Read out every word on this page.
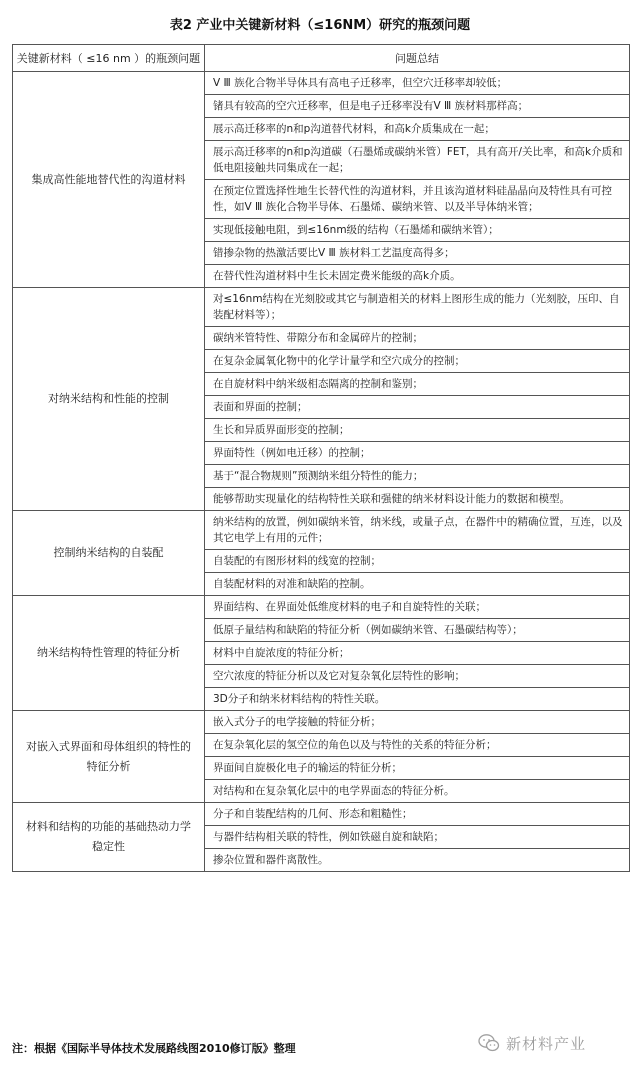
表2 产业中关键新材料（≤16NM）研究的瓶颈问题
关键新材料（ ≤16 nm ）的瓶颈问题	问题总结
集成高性能地替代性的沟道材料	Ⅴ Ⅲ 族化合物半导体具有高电子迁移率，但空穴迁移率却较低；
	锗具有较高的空穴迁移率，但是电子迁移率没有Ⅴ Ⅲ 族材料那样高；
	展示高迁移率的n和p沟道替代材料，和高k介质集成在一起；
	展示高迁移率的n和p沟道碳（石墨烯或碳纳米管）FET，具有高开/关比率，和高k介质和低电阻接触共同集成在一起；
	在预定位置选择性地生长替代性的沟道材料，并且该沟道材料硅晶晶向及特性具有可控性，如Ⅴ Ⅲ 族化合物半导体、石墨烯、碳纳米管、以及半导体纳米管；
	实现低接触电阻，到≤16nm级的结构（石墨烯和碳纳米管）；
	错掺杂物的热激活要比Ⅴ Ⅲ 族材料工艺温度高得多；
	在替代性沟道材料中生长未固定费米能级的高k介质。
对纳米结构和性能的控制	对≤16nm结构在光刻胶或其它与制造相关的材料上图形生成的能力（光刻胶，压印、自装配材料等）；
	碳纳米管特性、带隙分布和金属碎片的控制；
	在复杂金属氧化物中的化学计量学和空穴成分的控制；
	在自旋材料中纳米级相态隔离的控制和鉴别；
	表面和界面的控制；
	生长和异质界面形变的控制；
	界面特性（例如电迁移）的控制；
	基于“混合物规则”预测纳米组分特性的能力；
	能够帮助实现量化的结构特性关联和强健的纳米材料设计能力的数据和模型。
控制纳米结构的自装配	纳米结构的放置，例如碳纳米管，纳米线，或量子点，在器件中的精确位置，互连，以及其它电学上有用的元件；
	自装配的有图形材料的线宽的控制；
	自装配材料的对准和缺陷的控制。
纳米结构特性管理的特征分析	界面结构、在界面处低维度材料的电子和自旋特性的关联；
	低原子量结构和缺陷的特征分析（例如碳纳米管、石墨碳结构等）；
	材料中自旋浓度的特征分析；
	空穴浓度的特征分析以及它对复杂氧化层特性的影响；
	3D分子和纳米材料结构的特性关联。
对嵌入式界面和母体组织的特性的特征分析	嵌入式分子的电学接触的特征分析；
	在复杂氧化层的氢空位的角色以及与特性的关系的特征分析；
	界面间自旋极化电子的输运的特征分析；
	对结构和在复杂氧化层中的电学界面态的特征分析。
材料和结构的功能的基础热动力学稳定性	分子和自装配结构的几何、形态和粗糙性；
	与器件结构相关联的特性，例如铁磁自旋和缺陷；
	掺杂位置和器件离散性。
注：根据《国际半导体技术发展路线图2010修订版》整理	新材料产业
